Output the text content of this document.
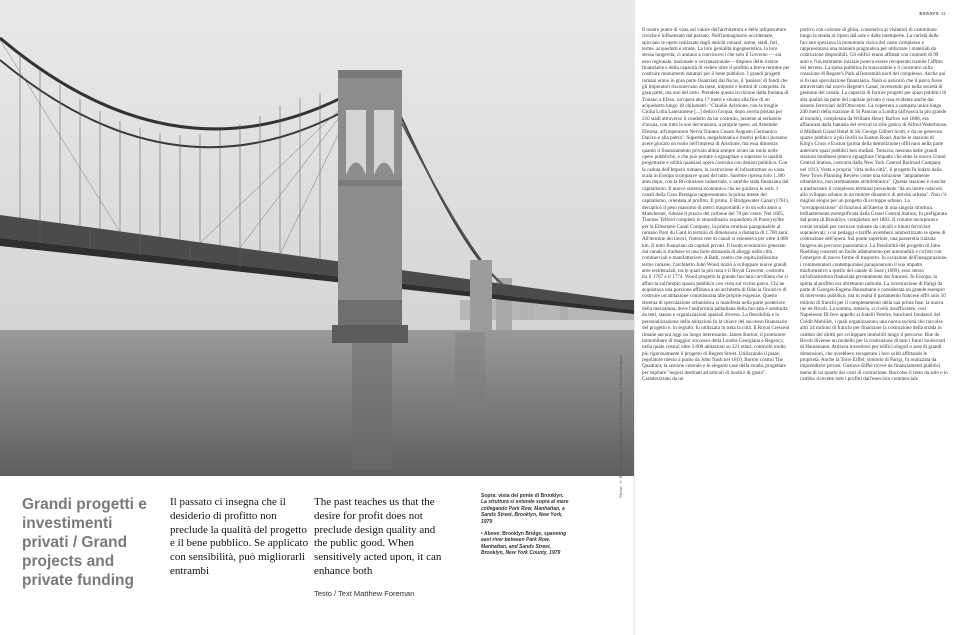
Photo: © Bernice Abbott / Commerce Graphics courtesy of Archivi Chagnon
Grandi progetti e investimenti privati / Grand projects and private funding
Il passato ci insegna che il desiderio di profitto non preclude la qualità del progetto e il bene pubblico. Se applicato con sensibilità, può migliorarli entrambi
The past teaches us that the desire for profit does not preclude design quality and the public good. When sensitively acted upon, it can enhance both
Testo / Text Matthew Foreman

Sopra: vista del ponte di Brooklyn. La struttura si estende sopra al mare collegando Park Row, Manhattan, a Sands Street, Brooklyn, New York, 1979

• Above: Brooklyn Bridge, spanning east river between Park Row, Manhattan, and Sands Street, Brooklyn, New York County, 1979

ESSAYS 11

Il nostro punto di vista sul valore dell'architettura e delle infrastrutture civiche è influenzato dal passato. Nell'immaginario occidentale, spiccano le opere realizzate dagli antichi romani: arene, stadi, fori, terme, acquedotti e strade. La loro genialità ingegneristica, la loro stessa longevità, ci aiutano a convincerci che solo il Governo — sia esso regionale, nazionale o sovranazionale— dispone delle risorse finanziarie e della capacità di vedere oltre il profitto a breve termine per costruire monumenti duraturi per il bene pubblico. I grandi progetti romani erano in gran parte finanziati dal fiscus, il 'paniere' di fondi che gli imperatori riscuotevano da tasse, imposte e bottini di conquista. In gran parte, ma non del tutto. Prendete questa iscrizione dalla fontana di Traiano a Efeso, un'opera alta 17 metri e situata alla fine di un acquedotto lungo 18 chilometri: "Claudio Aristione, con la moglie Giulia Lidia Laterannese [...] dedicò l'acqua, dopo averla portata per 210 stadi attraverso il condotto da lui costruito, insieme al serbatoio d'acqua, con tutte le sue decorazioni, a proprie spese, ad Artemide Efesina, all'imperatore Nerva Traiano Cesare Augusto Germanico Dacico e alla patria". Superbia, megalomania e motivi politici possono avere giocato un ruolo nell'impresa di Aristione, ma essa dimostra quanto il finanziamento privato abbia sempre avuto un ruolo nelle opere pubbliche, e che può portare a eguagliare e superare in qualità progettuale e utilità qualsiasi opera costruita con denaro pubblico. Con la caduta dell'Impero romano, la costruzione di infrastrutture su vasta scala in Europa scomparve quasi del tutto. Sarebbe ripresa solo 1.300 anni dopo, con la Rivoluzione industriale, e sarebbe stata finanziata dal capitalismo. Il nuovo sistema economico che ne guidava le sorti. I canali della Gran Bretagna rappresentano la prima messe del capitalismo, orientata al profitto. Il primo, il Bridgewater Canal (1761), decuplicò il peso massimo di merci trasportabili e in un solo anno a Manchester, ridusse il prezzo del carbone del 70 per cento. Nel 1805, Thomas Telford completò lo straordinario acquedotto di Pontcysyllte per la Ellesmere Canal Company, la prima struttura paragonabile al romano Pont du Gard in termini di dimensioni a distanza di 1.700 anni. All'termine dei lavori, l'intera rete di canali si estendeva per oltre 4.000 km. Il tutto finanziato da capitali privati. Il boom economico generato dai canali si tradusse in una forte domanda di alloggi nelle città commerciali e manifatturiere. A Bath, centro che ospita bellissime terme romane, l'architetto John Wood iniziò a sviluppare nuove grandi aree residenziali, tra le quali la più nota è il Royal Crescent, costruito tra il 1767 e il 1774. Wood progettò la grande facciata curvilinea che si affaccia sull'ampio spazio pubblico con vista sul vicino parco. Chi ne acquistava una porzione affidava a un architetto di fiducia l'incarico di costruire un'abitazione commisurata alle proprie esigenze. Questo sistema di speculazione urbanistica si manifesta nella parte posteriore della mezzaluna, dove l'uniformità palladiana della facciata è sostituita da tetti, stanze e organizzazioni spaziali diverse. La flessibilità e la personalizzazione delle abitazioni fu la chiave del successo finanziario del progetto e, in seguito, fu utilizzata in tutta la città. Il Royal Crescent rimane ancora oggi un luogo interessante. James Burton, il promotore immobiliare di maggior successo della Londra Georgiana e Regency, nella quale costruì oltre 3.000 abitazioni su 321 ettari, controllò molto più rigorosamente il progetto di Regent Street. Utilizzando il piano regolatore messo a punto da John Nash nel 1810, Burton costruì The Quadrant, la sezione centrale e le eleganti case della strada, progettate per ospitare "negozi destinati ad articoli di moda e di gusto". Caratterizzato da un

portico con colonne di ghisa, consentiva ai visitatori di camminare lungo la strada al riparo dal sole e dalle intemperie. La varietà delle facciate spezzava la monotonia visiva del vasto complesso e rappresentava una maniera pragmatica per utilizzare i materiali da costruzione disponibili. Gli edifici erano affittati con contratti di 99 anni e l'investimento iniziale poteva essere recuperato tramite l'affitto del terreno. La spesa pubblica fu trascurabile e il concentro sulla creazione di Regent's Park all'estremità nord del complesso. Anche qui si fu una speculazione finanziaria. Nash si assicurò che il parco fosse attraversato dal nuovo Regent's Canal, investendo poi nella società di gestione del canale. La capacità di fornire progetti per spazi pubblici di alta qualità da parte del capitale privato è resa evidente anche dai sistemi ferroviari dell'Ottocento. La copertura a campata unica lunga 240 metri della stazione di St Pancras a Londra (all'epoca la più grande al mondo), completata da William Henry Barlow nel 1868, era affiancata dalla fantasia del revival in stile gotico di Alfred Waterhouse, il Midland Grand Hotel di Sir George Gilbert Scott, e da un generoso spazio pubblico a più livelli su Euston Road. Anche le stazioni di King's Cross e Euston (prima della demolizione) offrivano nella parte anteriore spazi pubblici ben studiati. Tuttavia, nessuna delle grandi stazioni londinesi poteva eguagliare l'impatto che ebbe la nuova Grand Central Station, costruita dalla New York Central Railroad Company nel 1913. Vesta e propria "città nella città", il progetto fu lodato dalla New Town Planning Review come una soluzione "ampiamente urbanistica, non strettamente architettonica". Questa stazione è riuscita a trasformare il complesso terminal precedente "da un inerte ostacolo allo sviluppo urbano in un motore dinamico di attività urbana". Non c'è miglior elogio per un progetto di sviluppo urbano. La "sovrapposizione" di funzioni all'interno di una singola struttura, brillantemente esemplificata dalla Grand Central Station, fu prefigurata dal ponte di Brooklyn, completato nel 1883. Il volume incorporava corsie stradali per carrozze trainate da cavalli e binari ferroviari sopraelevati; i cui pedaggi e tariffe avrebbero ammortizzato le spese di costruzione dell'opera. Sul ponte superiore, una passerella rialzata fungeva da percorso panoramico. La flessibilità del progetto di John Roebling consentì un facile adattamento per automobili e ciclisti con l'emergere di nuove forme di trasporto. In occasione dell'inaugurazione, i commentatori contemporanei paragonarono il suo impatto trasformativo a quello del canale di Suez (1869), esso stesso un'infrastruttura finanziata privatamente dai francesi. In Europa, la spinta al profitto era altrettanto radicata. La ricostruzione di Parigi da parte di Georges-Eugène Haussmann è considerata un grande esempio di intervento pubblico, ma in realtà il parlamento francese offrì solo 50 milioni di franchi per il completamento della sua prima fase, la nuova rue de Rivoli. La somma, tuttavia, si rivelò insufficiente, così Napoleone III fece appello ai fratelli Pereire, banchieri fondatori del Crédit Mobilier, i quali organizzarono una nuova società che raccolse altri 24 milioni di franchi per finanziare la costruzione della strada in cambio dei diritti per sviluppare immobili lungo il percorso. Rue de Rivoli divenne un modello per la costruzione di tutti i futuri boulevard di Haussmann. Attirava investitori per edifici singoli o aree di grandi dimensioni, che avrebbero recuperato i loro soldi affittando le proprietà. Anche la Torre Eiffel, simbolo di Parigi, fu realizzata da imprenditori privati. Gustave Eiffel ricevé da finanziamenti pubblici meno di un quarto dei costi di costruzione. Raccolse il resto da solo e in cambio ricevette tutti i profitti dall'esercizio commerciale
